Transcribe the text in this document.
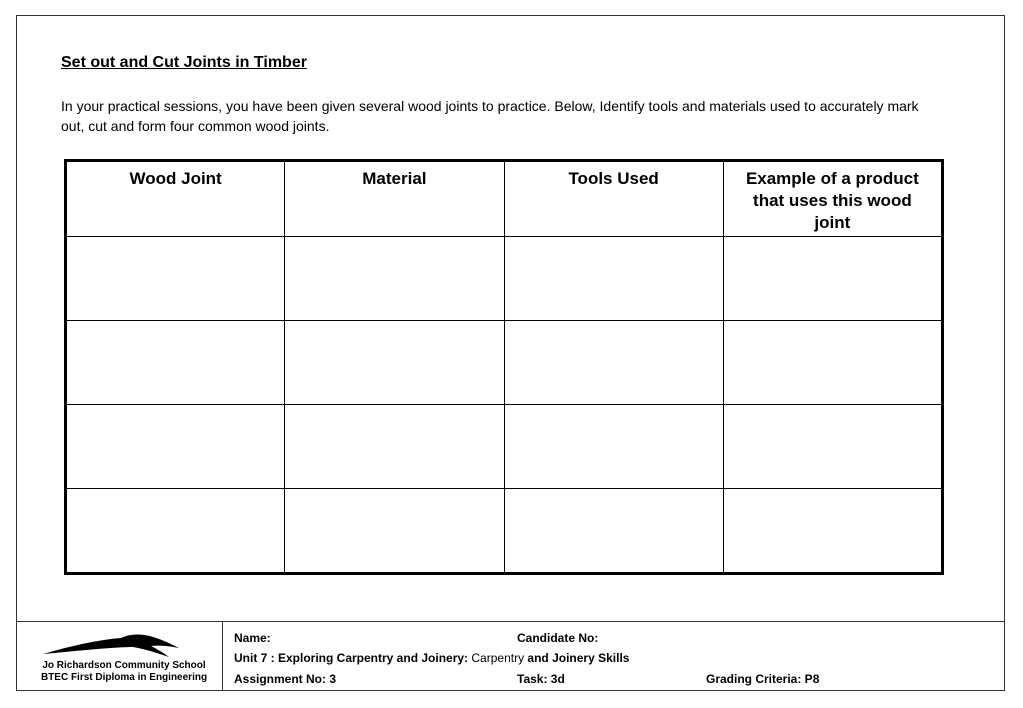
Set out and Cut Joints in Timber
In your practical sessions, you have been given several wood joints to practice. Below, Identify tools and materials used to accurately mark out, cut and form four common wood joints.
Wood Joint	Material	Tools Used	Example of a product that uses this wood joint

Jo Richardson Community School
BTEC First Diploma in Engineering
Name:	Candidate No:
Unit 7 : Exploring Carpentry and Joinery: Carpentry and Joinery Skills
Assignment No: 3	Task: 3d	Grading Criteria: P8
